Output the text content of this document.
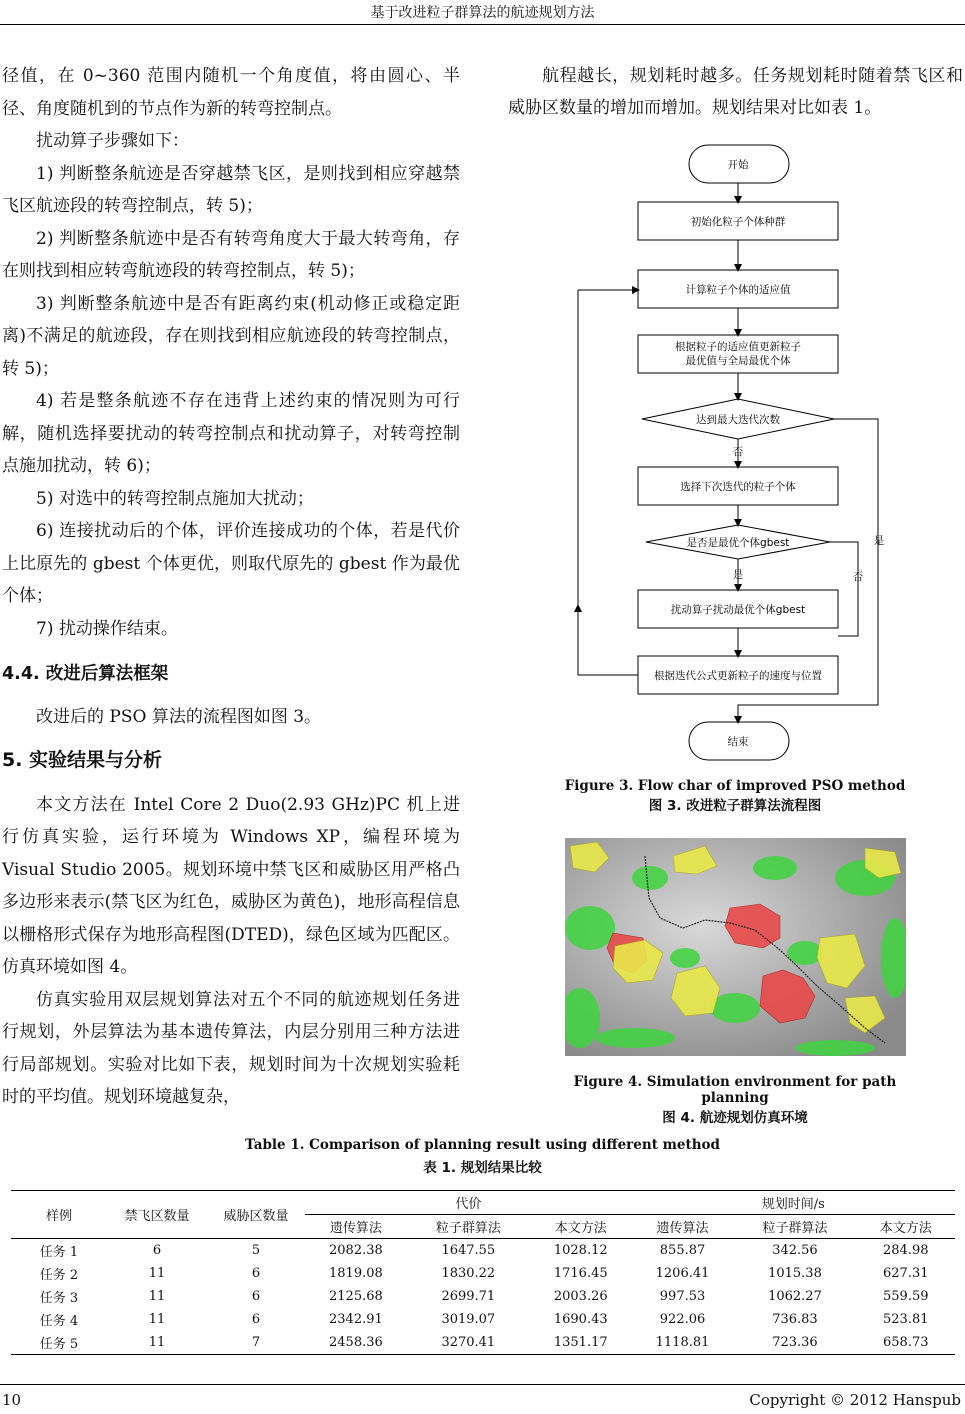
基于改进粒子群算法的航迹规划方法

径值，在 0~360 范围内随机一个角度值，将由圆心、半径、角度随机到的节点作为新的转弯控制点。

扰动算子步骤如下：

1) 判断整条航迹是否穿越禁飞区，是则找到相应穿越禁飞区航迹段的转弯控制点，转 5)；

2) 判断整条航迹中是否有转弯角度大于最大转弯角，存在则找到相应转弯航迹段的转弯控制点，转 5)；

3) 判断整条航迹中是否有距离约束(机动修正或稳定距离)不满足的航迹段，存在则找到相应航迹段的转弯控制点，转 5)；

4) 若是整条航迹不存在违背上述约束的情况则为可行解，随机选择要扰动的转弯控制点和扰动算子，对转弯控制点施加扰动，转 6)；

5) 对选中的转弯控制点施加大扰动；

6) 连接扰动后的个体，评价连接成功的个体，若是代价上比原先的 gbest 个体更优，则取代原先的 gbest 作为最优个体；

7) 扰动操作结束。

4.4. 改进后算法框架

改进后的 PSO 算法的流程图如图 3。

5. 实验结果与分析

本文方法在 Intel Core 2 Duo(2.93 GHz)PC 机上进行仿真实验，运行环境为 Windows XP，编程环境为 Visual Studio 2005。规划环境中禁飞区和威胁区用严格凸多边形来表示(禁飞区为红色，威胁区为黄色)，地形高程信息以栅格形式保存为地形高程图(DTED)，绿色区域为匹配区。仿真环境如图 4。

仿真实验用双层规划算法对五个不同的航迹规划任务进行规划，外层算法为基本遗传算法，内层分别用三种方法进行局部规划。实验对比如下表，规划时间为十次规划实验耗时的平均值。规划环境越复杂，

航程越长，规划耗时越多。任务规划耗时随着禁飞区和威胁区数量的增加而增加。规划结果对比如表 1。

开始
初始化粒子个体种群
计算粒子个体的适应值
根据粒子的适应值更新粒子
最优值与全局最优个体
达到最大迭代次数
否
选择下次迭代的粒子个体
是否是最优个体gbest
是
是
否
扰动算子扰动最优个体gbest
根据迭代公式更新粒子的速度与位置
结束
Figure 3. Flow char of improved PSO method
图 3. 改进粒子群算法流程图
Figure 4. Simulation environment for path planning
图 4. 航迹规划仿真环境
Table 1. Comparison of planning result using different method
表 1. 规划结果比较
样例	禁飞区数量	威胁区数量	代价			规划时间/s		
			遗传算法	粒子群算法	本文方法	遗传算法	粒子群算法	本文方法
任务 1	6	5	2082.38	1647.55	1028.12	855.87	342.56	284.98
任务 2	11	6	1819.08	1830.22	1716.45	1206.41	1015.38	627.31
任务 3	11	6	2125.68	2699.71	2003.26	997.53	1062.27	559.59
任务 4	11	6	2342.91	3019.07	1690.43	922.06	736.83	523.81
任务 5	11	7	2458.36	3270.41	1351.17	1118.81	723.36	658.73
10	Copyright © 2012 Hanspub
